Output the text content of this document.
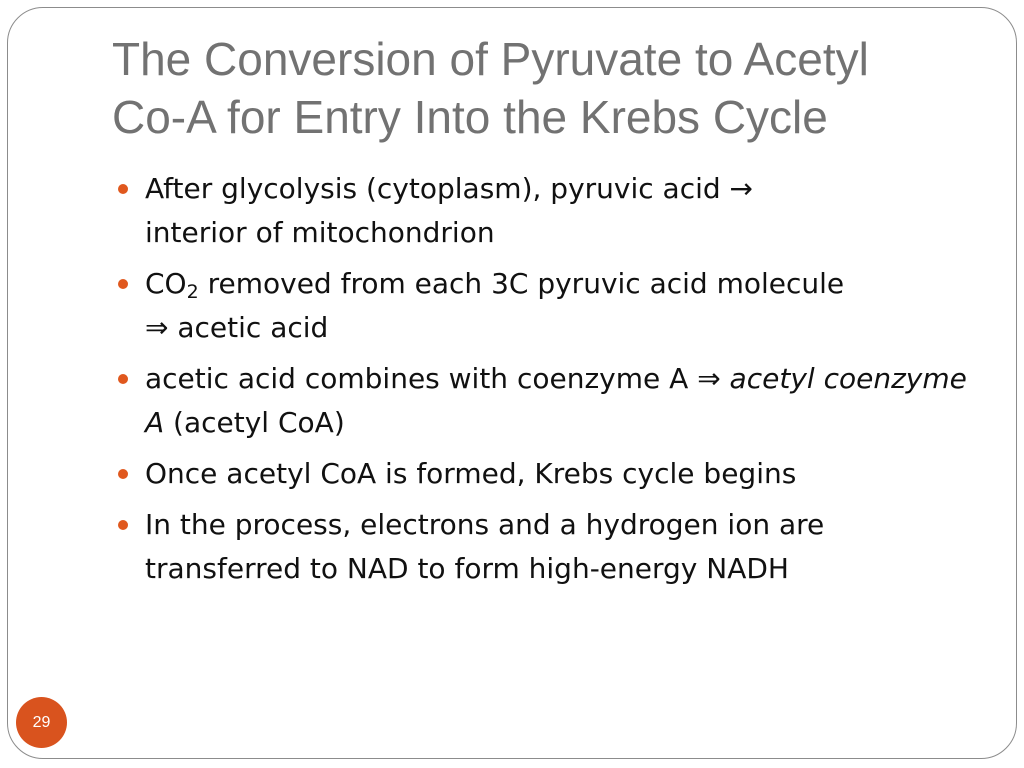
The Conversion of Pyruvate to Acetyl
Co-A for Entry Into the Krebs Cycle
After glycolysis (cytoplasm), pyruvic acid →
interior of mitochondrion
$CO_2$ removed from each 3C pyruvic acid molecule
⇒ acetic acid
acetic acid combines with coenzyme A ⇒ acetyl coenzyme A (acetyl CoA)
Once acetyl CoA is formed, Krebs cycle begins
In the process, electrons and a hydrogen ion are transferred to NAD to form high-energy NADH
29
